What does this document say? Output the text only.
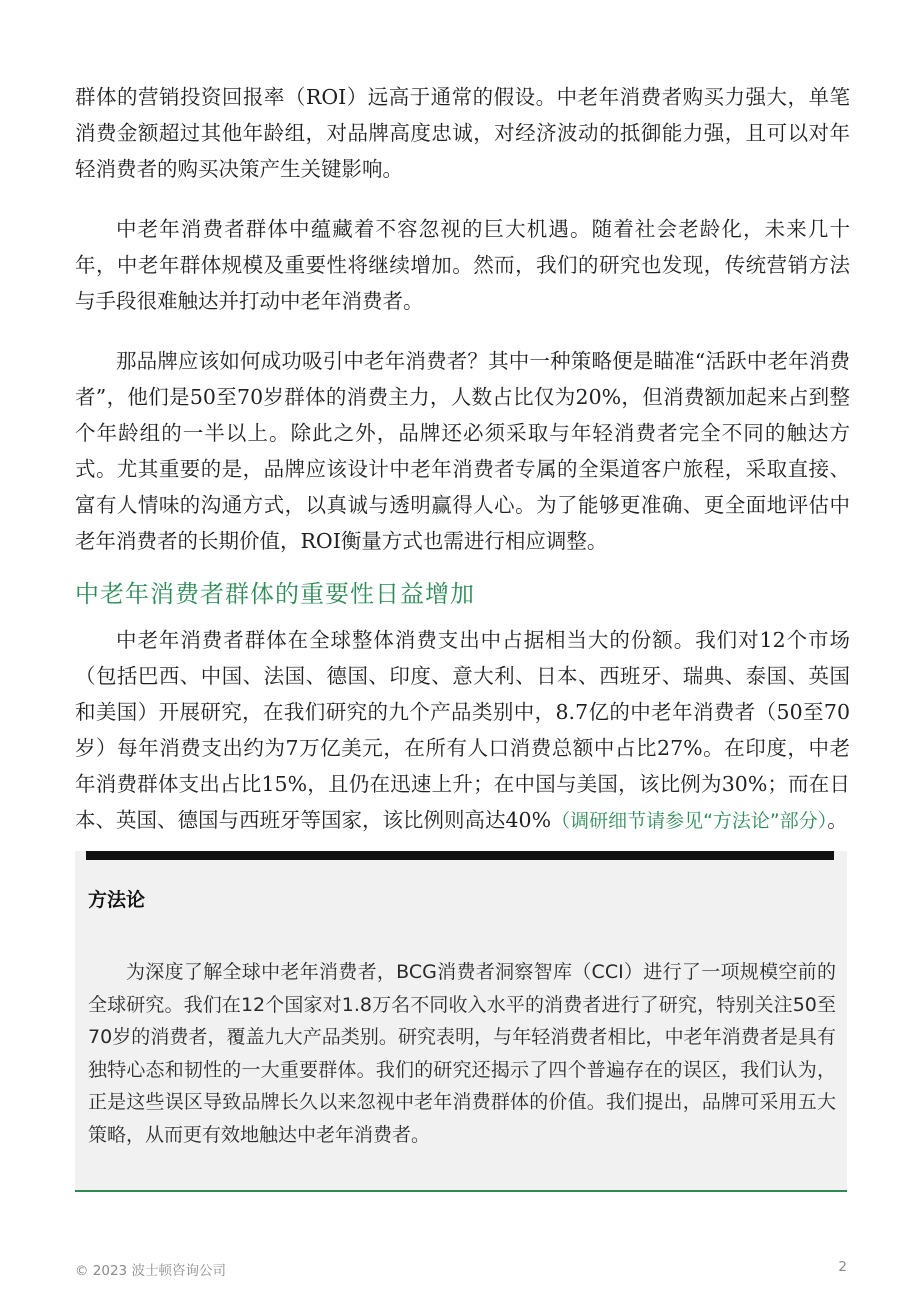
群体的营销投资回报率（ROI）远高于通常的假设。中老年消费者购买力强大，单笔消费金额超过其他年龄组，对品牌高度忠诚，对经济波动的抵御能力强，且可以对年轻消费者的购买决策产生关键影响。

中老年消费者群体中蕴藏着不容忽视的巨大机遇。随着社会老龄化，未来几十年，中老年群体规模及重要性将继续增加。然而，我们的研究也发现，传统营销方法与手段很难触达并打动中老年消费者。

那品牌应该如何成功吸引中老年消费者？其中一种策略便是瞄准“活跃中老年消费者”，他们是50至70岁群体的消费主力，人数占比仅为20%，但消费额加起来占到整个年龄组的一半以上。除此之外，品牌还必须采取与年轻消费者完全不同的触达方式。尤其重要的是，品牌应该设计中老年消费者专属的全渠道客户旅程，采取直接、富有人情味的沟通方式，以真诚与透明赢得人心。为了能够更准确、更全面地评估中老年消费者的长期价值，ROI衡量方式也需进行相应调整。

中老年消费者群体的重要性日益增加

中老年消费者群体在全球整体消费支出中占据相当大的份额。我们对12个市场（包括巴西、中国、法国、德国、印度、意大利、日本、西班牙、瑞典、泰国、英国和美国）开展研究，在我们研究的九个产品类别中，8.7亿的中老年消费者（50至70岁）每年消费支出约为7万亿美元，在所有人口消费总额中占比27%。在印度，中老年消费群体支出占比15%，且仍在迅速上升；在中国与美国，该比例为30%；而在日本、英国、德国与西班牙等国家，该比例则高达40%（调研细节请参见“方法论”部分）。

方法论

为深度了解全球中老年消费者，BCG消费者洞察智库（CCI）进行了一项规模空前的全球研究。我们在12个国家对1.8万名不同收入水平的消费者进行了研究，特别关注50至70岁的消费者，覆盖九大产品类别。研究表明，与年轻消费者相比，中老年消费者是具有独特心态和韧性的一大重要群体。我们的研究还揭示了四个普遍存在的误区，我们认为，正是这些误区导致品牌长久以来忽视中老年消费群体的价值。我们提出，品牌可采用五大策略，从而更有效地触达中老年消费者。

© 2023 波士顿咨询公司	2
